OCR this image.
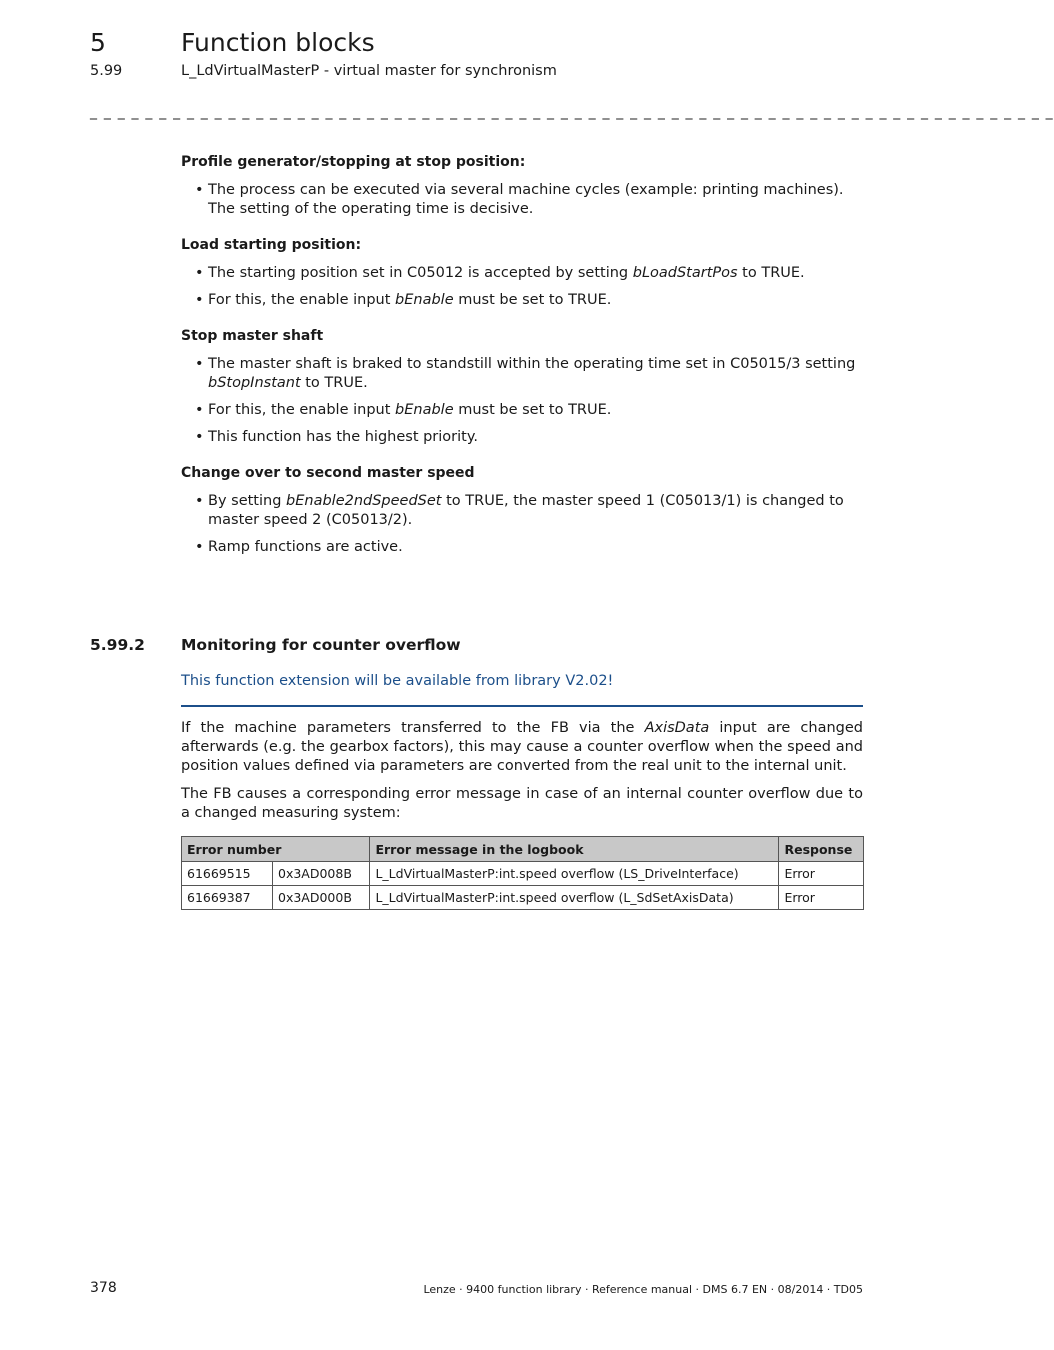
5	Function blocks
5.99	L_LdVirtualMasterP - virtual master for synchronism
_ _ _ _ _ _ _ _ _ _ _ _ _ _ _ _ _ _ _ _ _ _ _ _ _ _ _ _ _ _ _ _ _ _ _ _ _ _ _ _ _ _ _ _ _ _ _ _ _ _ _ _ _ _ _ _ _ _ _ _ _ _ _ _ _ _ _ _ _ _
Profile generator/stopping at stop position:
• The process can be executed via several machine cycles (example: printing machines). The setting of the operating time is decisive.
Load starting position:
• The starting position set in C05012 is accepted by setting bLoadStartPos to TRUE.
• For this, the enable input bEnable must be set to TRUE.
Stop master shaft
• The master shaft is braked to standstill within the operating time set in C05015/3 setting bStopInstant to TRUE.
• For this, the enable input bEnable must be set to TRUE.
• This function has the highest priority.
Change over to second master speed
• By setting bEnable2ndSpeedSet to TRUE, the master speed 1 (C05013/1) is changed to master speed 2 (C05013/2).
• Ramp functions are active.
5.99.2 Monitoring for counter overflow
This function extension will be available from library V2.02!

If the machine parameters transferred to the FB via the AxisData input are changed afterwards (e.g. the gearbox factors), this may cause a counter overflow when the speed and position values defined via parameters are converted from the real unit to the internal unit.

The FB causes a corresponding error message in case of an internal counter overflow due to a changed measuring system:

Error number		Error message in the logbook	Response
61669515	0x3AD008B	L_LdVirtualMasterP:int.speed overflow (LS_DriveInterface)	Error
61669387	0x3AD000B	L_LdVirtualMasterP:int.speed overflow (L_SdSetAxisData)	Error
378	Lenze · 9400 function library · Reference manual · DMS 6.7 EN · 08/2014 · TD05
